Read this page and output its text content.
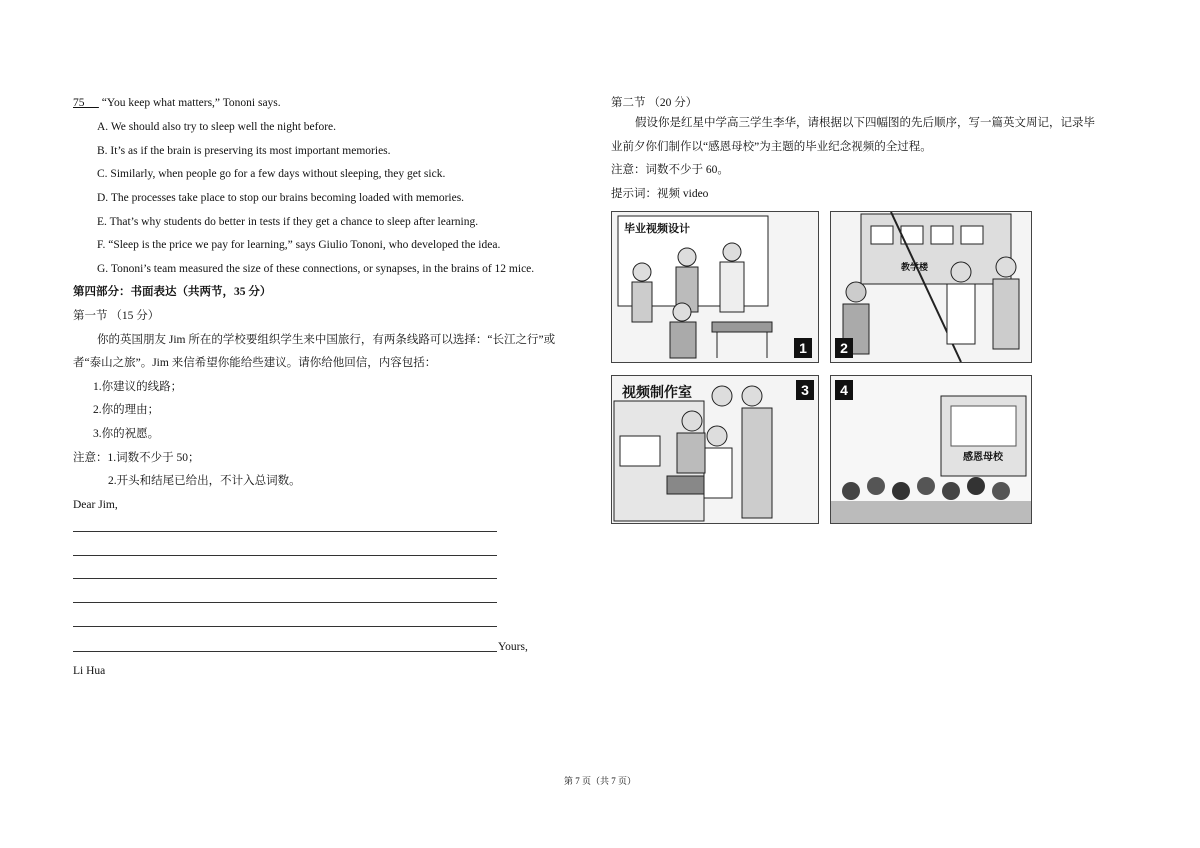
75 “You keep what matters,” Tononi says.
A. We should also try to sleep well the night before.
B. It’s as if the brain is preserving its most important memories.
C. Similarly, when people go for a few days without sleeping, they get sick.
D. The processes take place to stop our brains becoming loaded with memories.
E. That’s why students do better in tests if they get a chance to sleep after learning.
F. “Sleep is the price we pay for learning,” says Giulio Tononi, who developed the idea.
G. Tononi’s team measured the size of these connections, or synapses, in the brains of 12 mice.
第四部分：书面表达（共两节，35 分）
第一节 （15 分）
你的英国朋友 Jim 所在的学校要组织学生来中国旅行，有两条线路可以选择：“长江之行”或
者“泰山之旅”。Jim 来信希望你能给些建议。请你给他回信，内容包括：
1.你建议的线路；
2.你的理由；
3.你的祝愿。
注意：1.词数不少于 50；
2.开头和结尾已给出，不计入总词数。
Dear Jim,
Yours,
Li Hua
第二节 （20 分）
假设你是红星中学高三学生李华，请根据以下四幅图的先后顺序，写一篇英文周记，记录毕
业前夕你们制作以“感恩母校”为主题的毕业纪念视频的全过程。
注意：词数不少于 60。
提示词：视频 video
毕业视频设计
1
教学楼
2
视频制作室	3
感恩母校
4
第 7 页（共 7 页）
